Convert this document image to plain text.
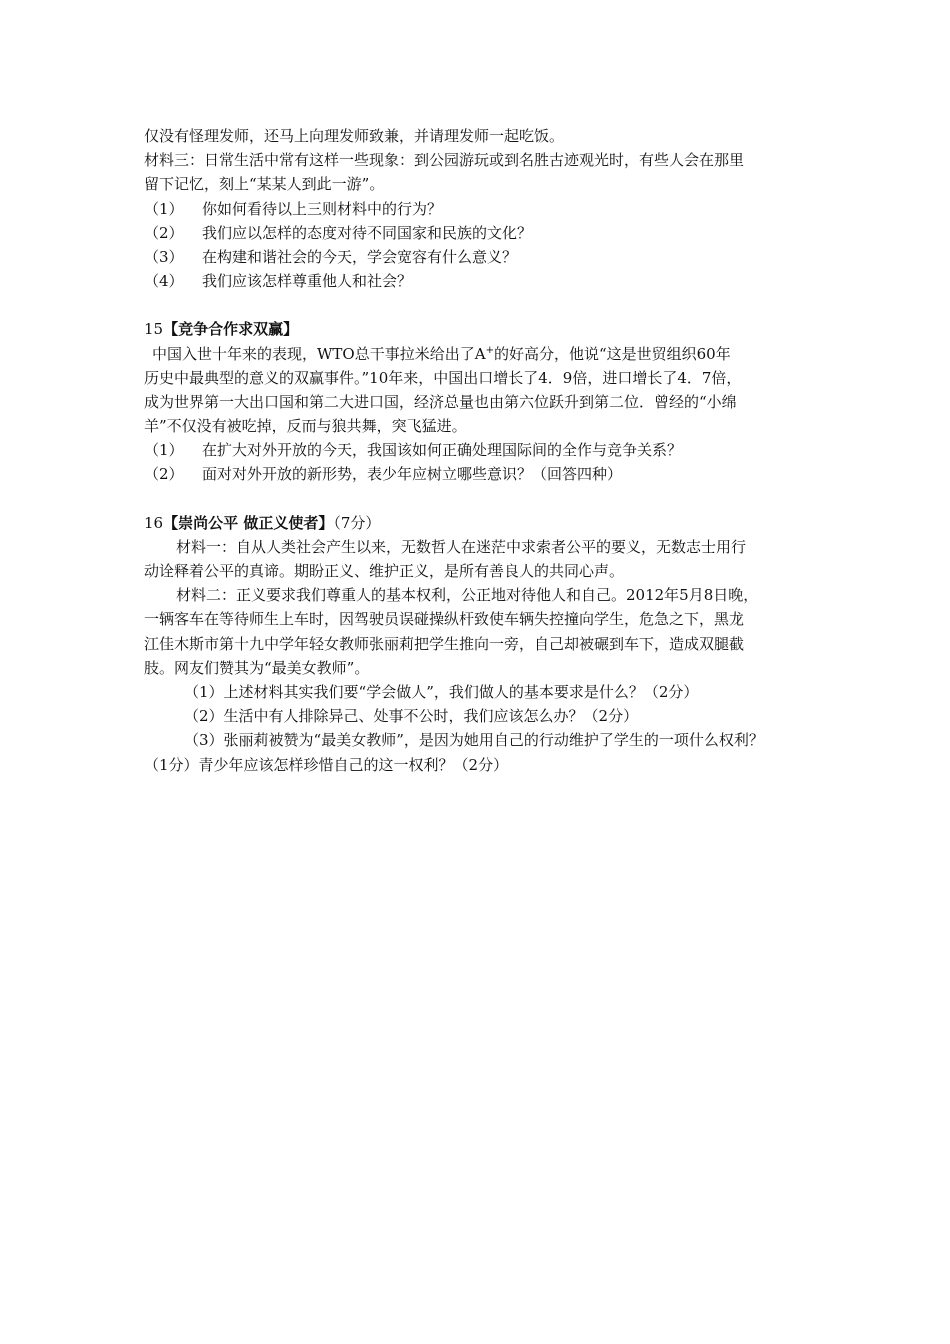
仅没有怪理发师，还马上向理发师致兼，并请理发师一起吃饭。
材料三：日常生活中常有这样一些现象：到公园游玩或到名胜古迹观光时，有些人会在那里
留下记忆，刻上“某某人到此一游”。
（1） 你如何看待以上三则材料中的行为？
（2） 我们应以怎样的态度对待不同国家和民族的文化？
（3） 在构建和谐社会的今天，学会宽容有什么意义？
（4） 我们应该怎样尊重他人和社会？
15【竞争合作求双赢】
中国入世十年来的表现，WTO总干事拉米给出了A+的好高分，他说“这是世贸组织60年
历史中最典型的意义的双赢事件。”10年来，中国出口增长了4．9倍，进口增长了4．7倍，
成为世界第一大出口国和第二大进口国，经济总量也由第六位跃升到第二位．曾经的“小绵
羊”不仅没有被吃掉，反而与狼共舞，突飞猛进。
（1） 在扩大对外开放的今天，我国该如何正确处理国际间的全作与竞争关系？
（2） 面对对外开放的新形势，表少年应树立哪些意识？（回答四种）
16【崇尚公平 做正义使者】（7分）
材料一：自从人类社会产生以来，无数哲人在迷茫中求索者公平的要义，无数志士用行
动诠释着公平的真谛。期盼正义、维护正义，是所有善良人的共同心声。
材料二：正义要求我们尊重人的基本权利，公正地对待他人和自己。2012年5月8日晚，
一辆客车在等待师生上车时，因驾驶员误碰操纵杆致使车辆失控撞向学生，危急之下，黑龙
江佳木斯市第十九中学年轻女教师张丽莉把学生推向一旁，自己却被碾到车下，造成双腿截
肢。网友们赞其为“最美女教师”。
（1）上述材料其实我们要“学会做人”，我们做人的基本要求是什么？（2分）
（2）生活中有人排除异己、处事不公时，我们应该怎么办？（2分）
（3）张丽莉被赞为“最美女教师”，是因为她用自己的行动维护了学生的一项什么权利？
（1分）青少年应该怎样珍惜自己的这一权利？（2分）
